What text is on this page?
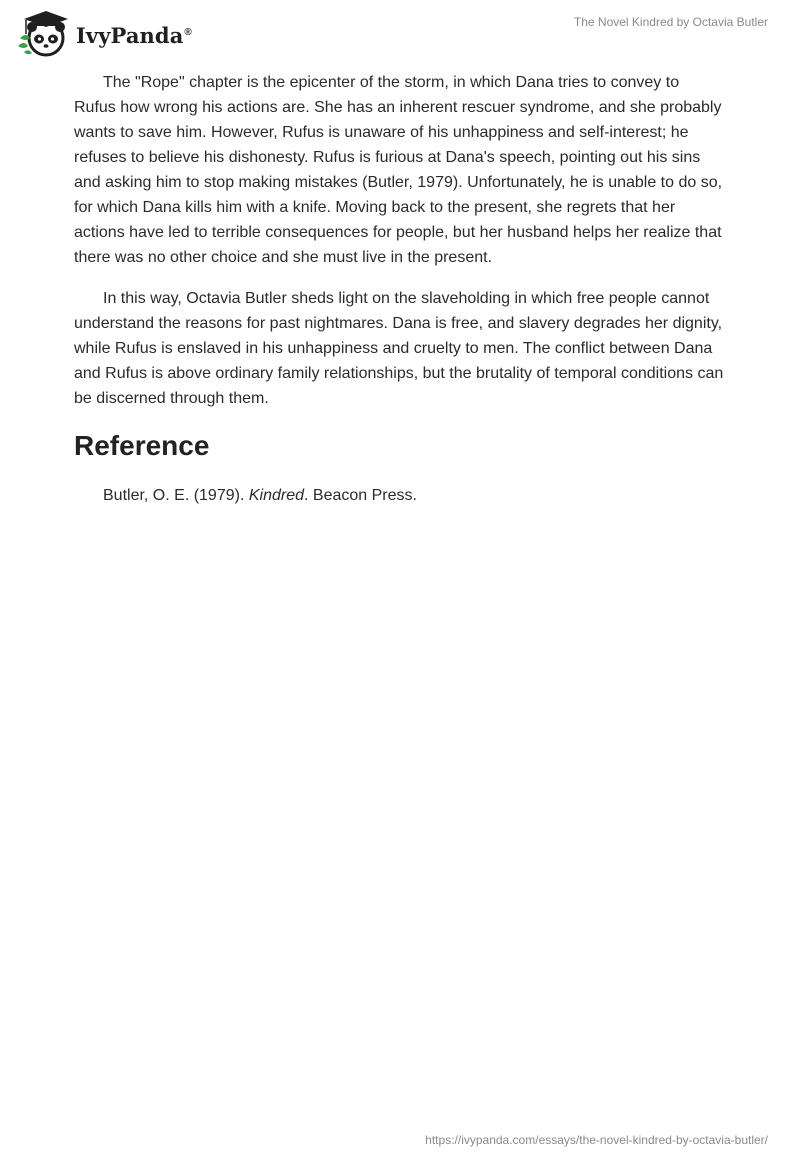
IvyPanda®
The Novel Kindred by Octavia Butler

The "Rope" chapter is the epicenter of the storm, in which Dana tries to convey to Rufus how wrong his actions are. She has an inherent rescuer syndrome, and she probably wants to save him. However, Rufus is unaware of his unhappiness and self-interest; he refuses to believe his dishonesty. Rufus is furious at Dana's speech, pointing out his sins and asking him to stop making mistakes (Butler, 1979). Unfortunately, he is unable to do so, for which Dana kills him with a knife. Moving back to the present, she regrets that her actions have led to terrible consequences for people, but her husband helps her realize that there was no other choice and she must live in the present.

In this way, Octavia Butler sheds light on the slaveholding in which free people cannot understand the reasons for past nightmares. Dana is free, and slavery degrades her dignity, while Rufus is enslaved in his unhappiness and cruelty to men. The conflict between Dana and Rufus is above ordinary family relationships, but the brutality of temporal conditions can be discerned through them.

Reference

Butler, O. E. (1979). Kindred. Beacon Press.

https://ivypanda.com/essays/the-novel-kindred-by-octavia-butler/
